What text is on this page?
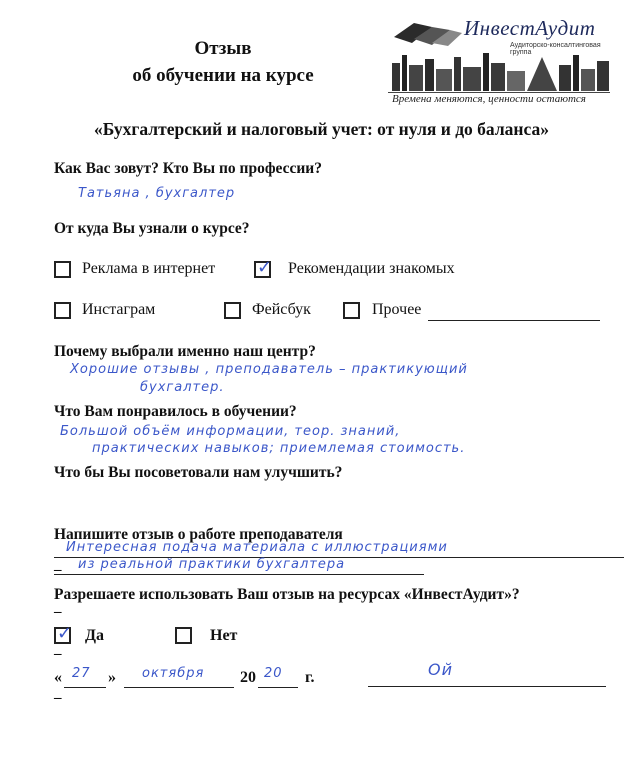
Отзыв
об обучении на курсе
ИнвестАудит
Аудиторско-консалтинговая группа
Времена меняются, ценности остаются
«Бухгалтерский и налоговый учет: от нуля и до баланса»
Как Вас зовут? Кто Вы по профессии?
Татьяна , бухгалтер
От куда Вы узнали о курсе?
Реклама в интернет ✓ Рекомендации знакомых
Инстаграм	Фейсбук	Прочее
Почему выбрали именно наш центр?
Хорошие отзывы , преподаватель – практикующий
бухгалтер.
Что Вам понравилось в обучении?
Большой объём информации, теор. знаний,
практических навыков; приемлемая стоимость.
Что бы Вы посоветовали нам улучшить?
Напишите отзыв о работе преподавателя
Интересная подача материала с иллюстрациями
из реальной практики бухгалтера
Разрешаете использовать Ваш отзыв на ресурсах «ИнвестАудит»?
✓ Да	Нет
« 27 » октября 20 20 г.	Ой
–
–
–
–
